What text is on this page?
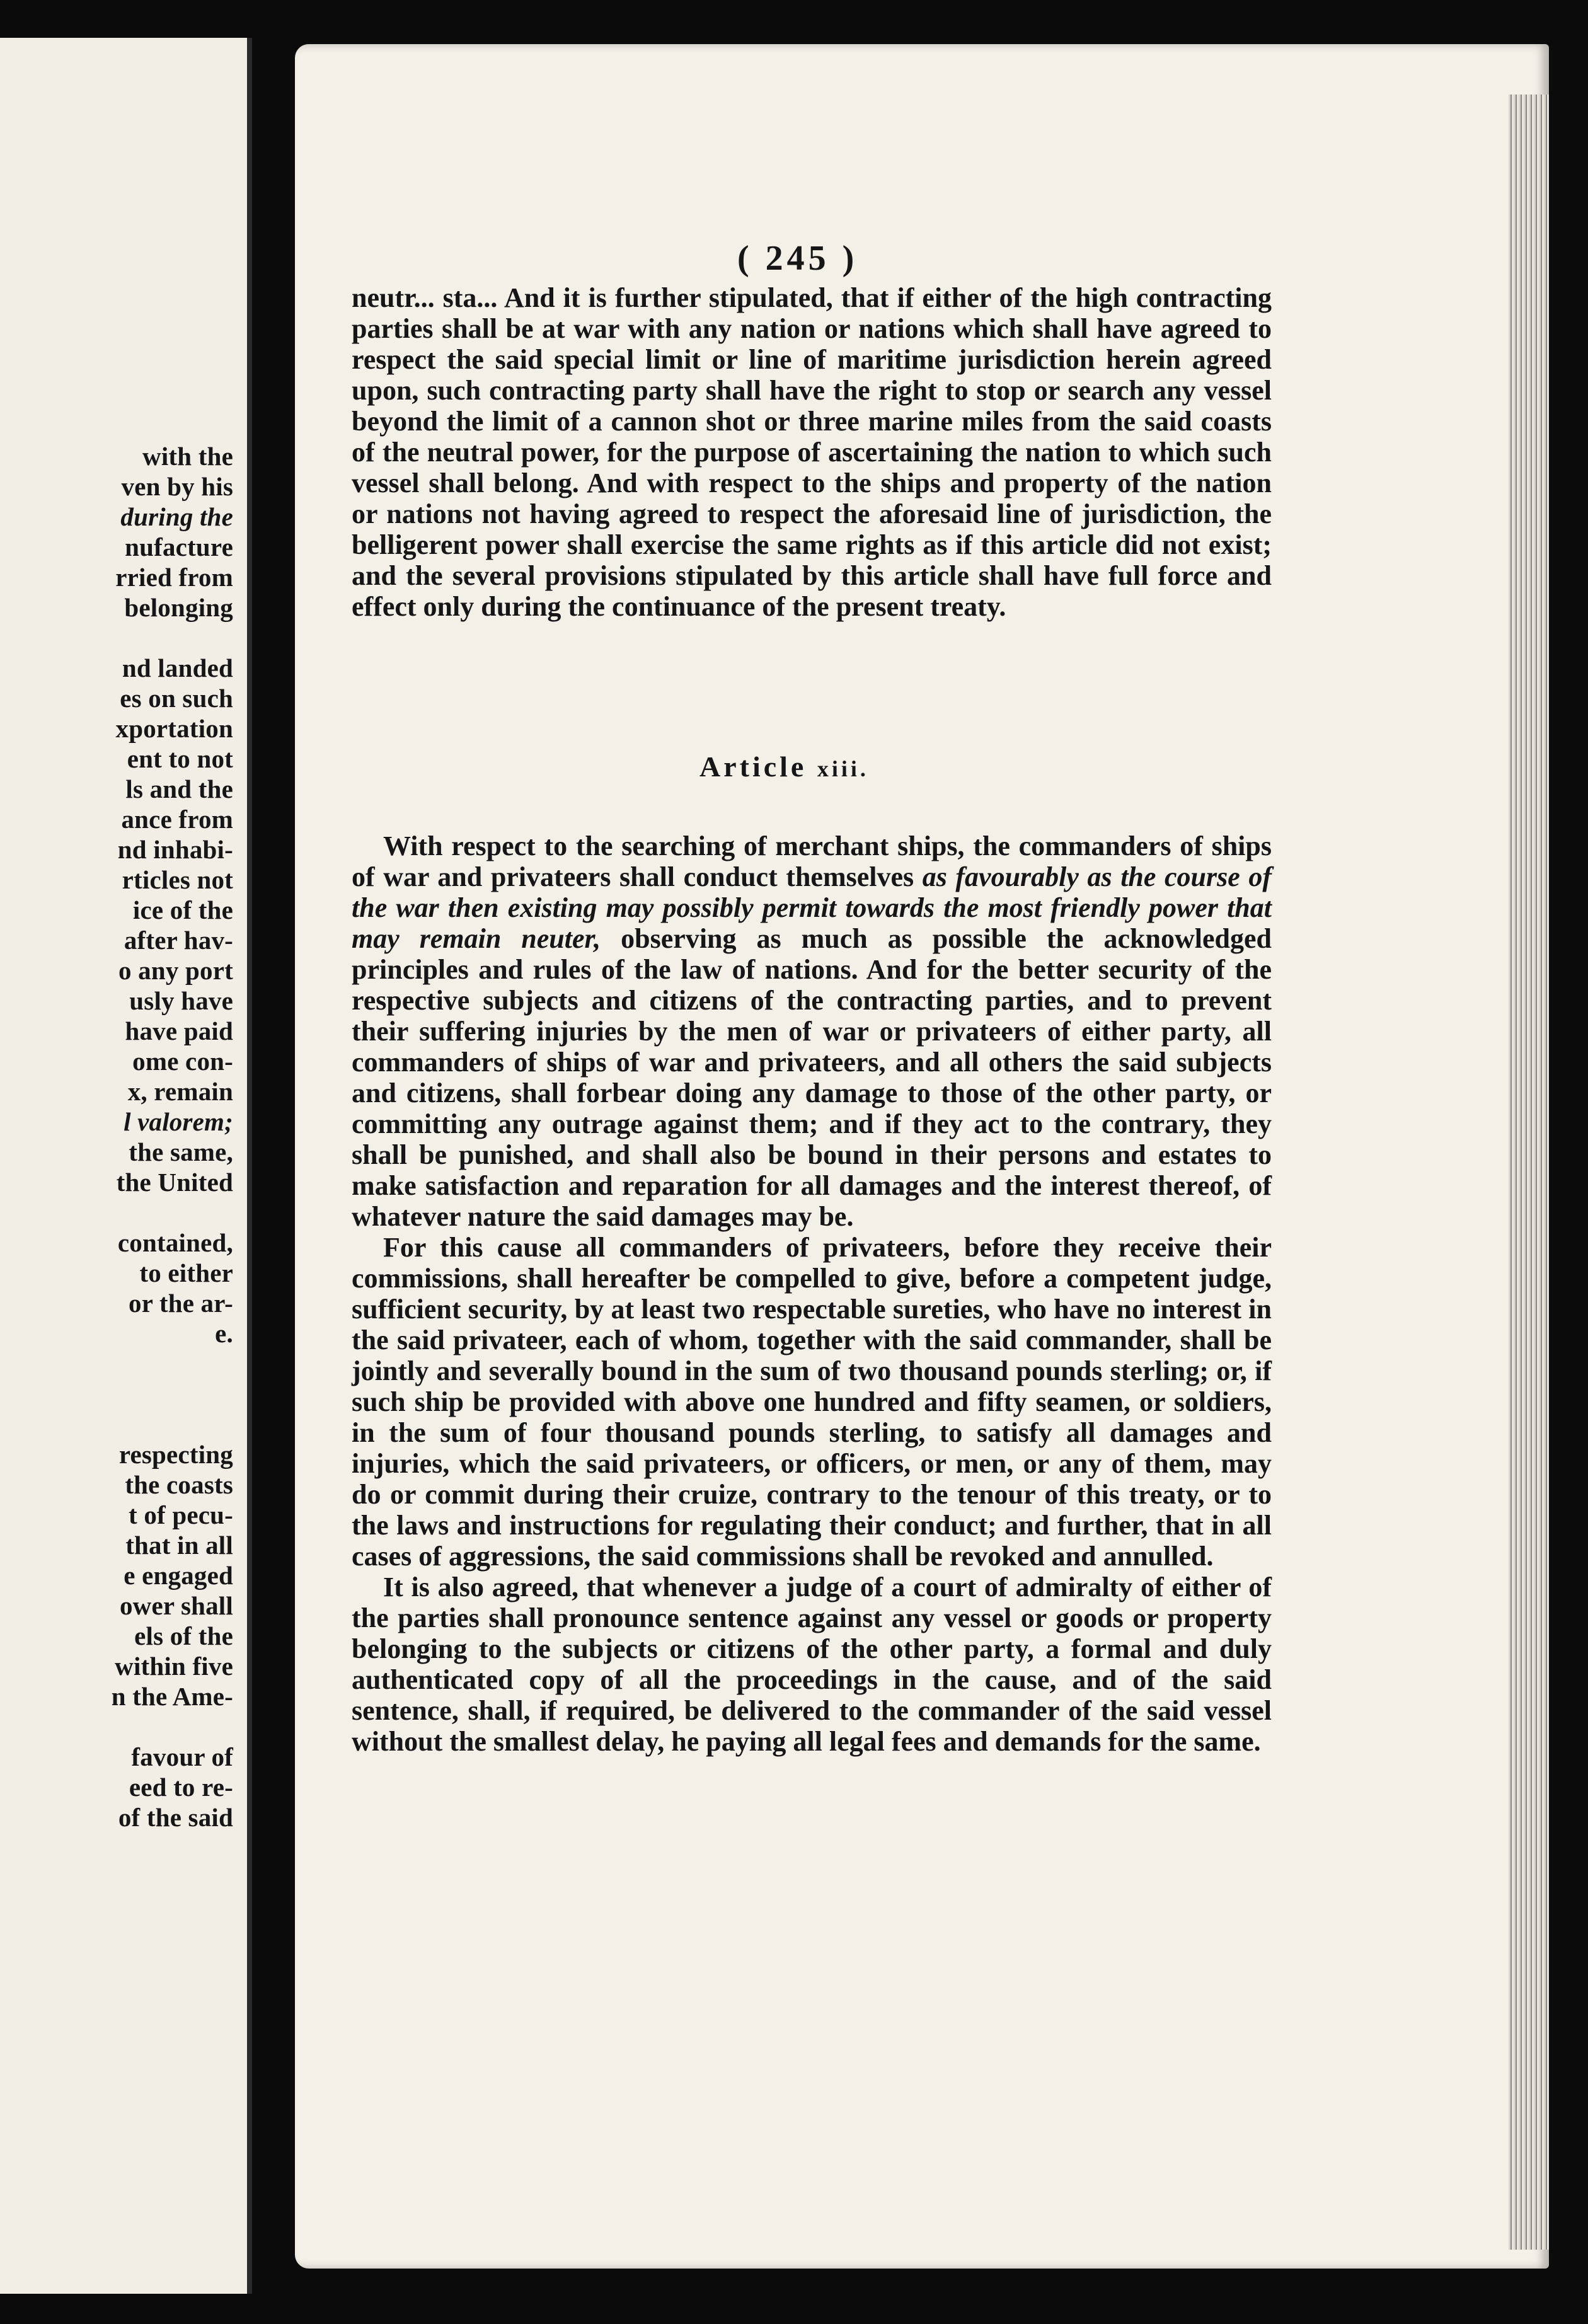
with the
ven by his
during the
nufacture
rried from
belonging
nd landed
es on such
xportation
ent to not
ls and the
ance from
nd inhabi-
rticles not
ice of the
after hav-
o any port
usly have
have paid
ome con-
x, remain
l valorem;
the same,
the United
contained,
to either
or the ar-
e.
respecting
the coasts
t of pecu-
that in all
e engaged
ower shall
els of the
within five
n the Ame-
favour of
eed to re-
of the said
( 245 )

neutr... sta... And it is further stipulated, that if either of the high contracting parties shall be at war with any nation or nations which shall have agreed to respect the said special limit or line of maritime jurisdiction herein agreed upon, such contracting party shall have the right to stop or search any vessel beyond the limit of a cannon shot or three marine miles from the said coasts of the neutral power, for the purpose of ascertaining the nation to which such vessel shall belong. And with respect to the ships and property of the nation or nations not having agreed to respect the aforesaid line of jurisdiction, the belligerent power shall exercise the same rights as if this article did not exist; and the several provisions stipulated by this article shall have full force and effect only during the continuance of the present treaty.

Article xiii.

With respect to the searching of merchant ships, the commanders of ships of war and privateers shall conduct themselves as favourably as the course of the war then existing may possibly permit towards the most friendly power that may remain neuter, observing as much as possible the acknowledged principles and rules of the law of nations. And for the better security of the respective subjects and citizens of the contracting parties, and to prevent their suffering injuries by the men of war or privateers of either party, all commanders of ships of war and privateers, and all others the said subjects and citizens, shall forbear doing any damage to those of the other party, or committing any outrage against them; and if they act to the contrary, they shall be punished, and shall also be bound in their persons and estates to make satisfaction and reparation for all damages and the interest thereof, of whatever nature the said damages may be.

For this cause all commanders of privateers, before they receive their commissions, shall hereafter be compelled to give, before a competent judge, sufficient security, by at least two respectable sureties, who have no interest in the said privateer, each of whom, together with the said commander, shall be jointly and severally bound in the sum of two thousand pounds sterling; or, if such ship be provided with above one hundred and fifty seamen, or soldiers, in the sum of four thousand pounds sterling, to satisfy all damages and injuries, which the said privateers, or officers, or men, or any of them, may do or commit during their cruize, contrary to the tenour of this treaty, or to the laws and instructions for regulating their conduct; and further, that in all cases of aggressions, the said commissions shall be revoked and annulled.

It is also agreed, that whenever a judge of a court of admiralty of either of the parties shall pronounce sentence against any vessel or goods or property belonging to the subjects or citizens of the other party, a formal and duly authenticated copy of all the proceedings in the cause, and of the said sentence, shall, if required, be delivered to the commander of the said vessel without the smallest delay, he paying all legal fees and demands for the same.
